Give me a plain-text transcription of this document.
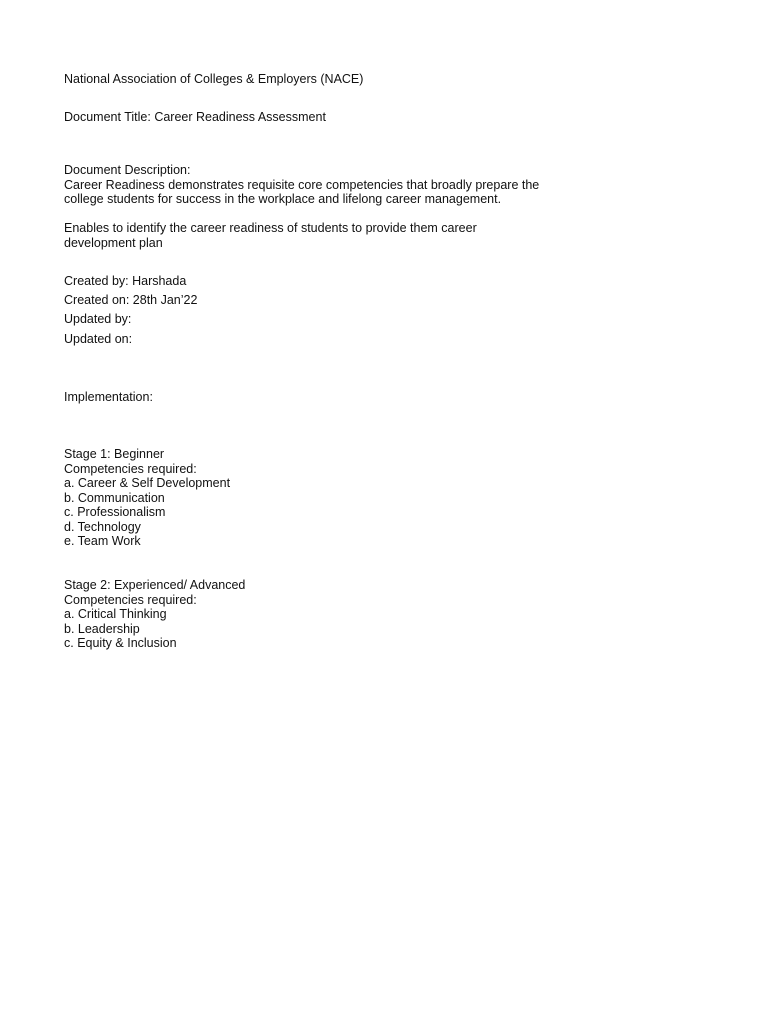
National Association of Colleges & Employers (NACE)
Document Title: Career Readiness Assessment
Document Description:
Career Readiness demonstrates requisite core competencies that broadly prepare the
college students for success in the workplace and lifelong career management.
Enables to identify the career readiness of students to provide them career
development plan
Created by: Harshada
Created on: 28th Jan’22
Updated by:
Updated on:
Implementation:
Stage 1: Beginner
Competencies required:
a. Career & Self Development
b. Communication
c. Professionalism
d. Technology
e. Team Work
Stage 2: Experienced/ Advanced
Competencies required:
a. Critical Thinking
b. Leadership
c. Equity & Inclusion
